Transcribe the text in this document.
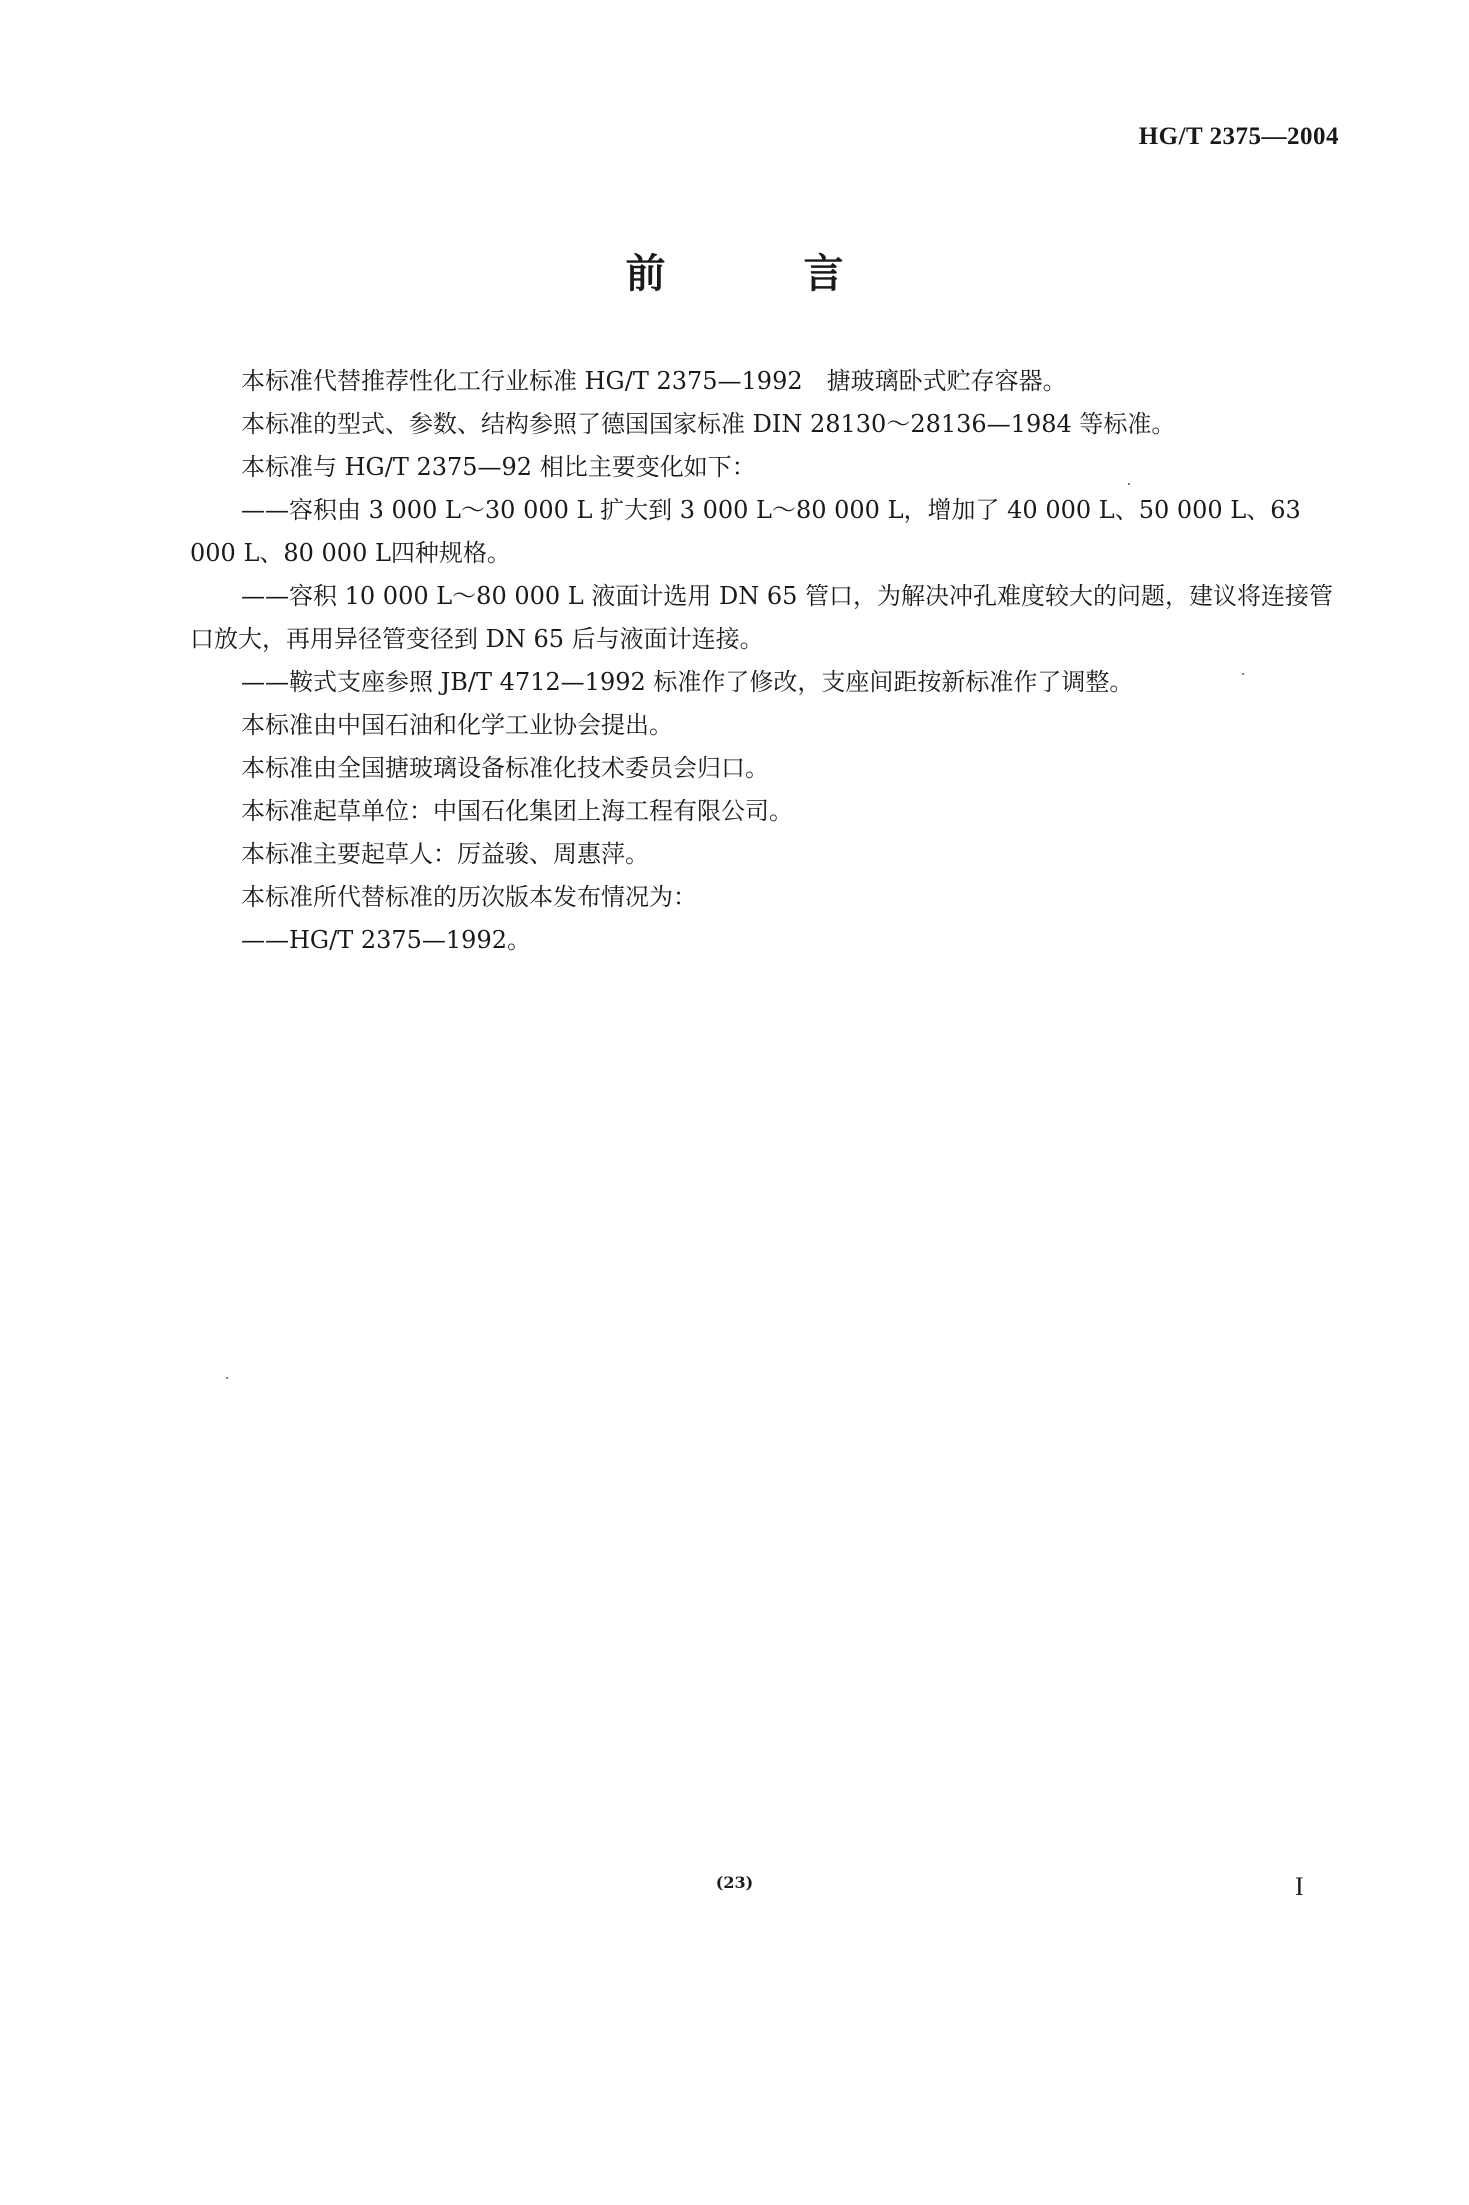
HG/T 2375—2004
前 言

本标准代替推荐性化工行业标准 HG/T 2375—1992　搪玻璃卧式贮存容器。

本标准的型式、参数、结构参照了德国国家标准 DIN 28130～28136—1984 等标准。

本标准与 HG/T 2375—92 相比主要变化如下：

——容积由 3 000 L～30 000 L 扩大到 3 000 L～80 000 L，增加了 40 000 L、50 000 L、63 000 L、80 000 L四种规格。

——容积 10 000 L～80 000 L 液面计选用 DN 65 管口，为解决冲孔难度较大的问题，建议将连接管口放大，再用异径管变径到 DN 65 后与液面计连接。

——鞍式支座参照 JB/T 4712—1992 标准作了修改，支座间距按新标准作了调整。

本标准由中国石油和化学工业协会提出。

本标准由全国搪玻璃设备标准化技术委员会归口。

本标准起草单位：中国石化集团上海工程有限公司。

本标准主要起草人：厉益骏、周惠萍。

本标准所代替标准的历次版本发布情况为：

——HG/T 2375—1992。

(23)	I
